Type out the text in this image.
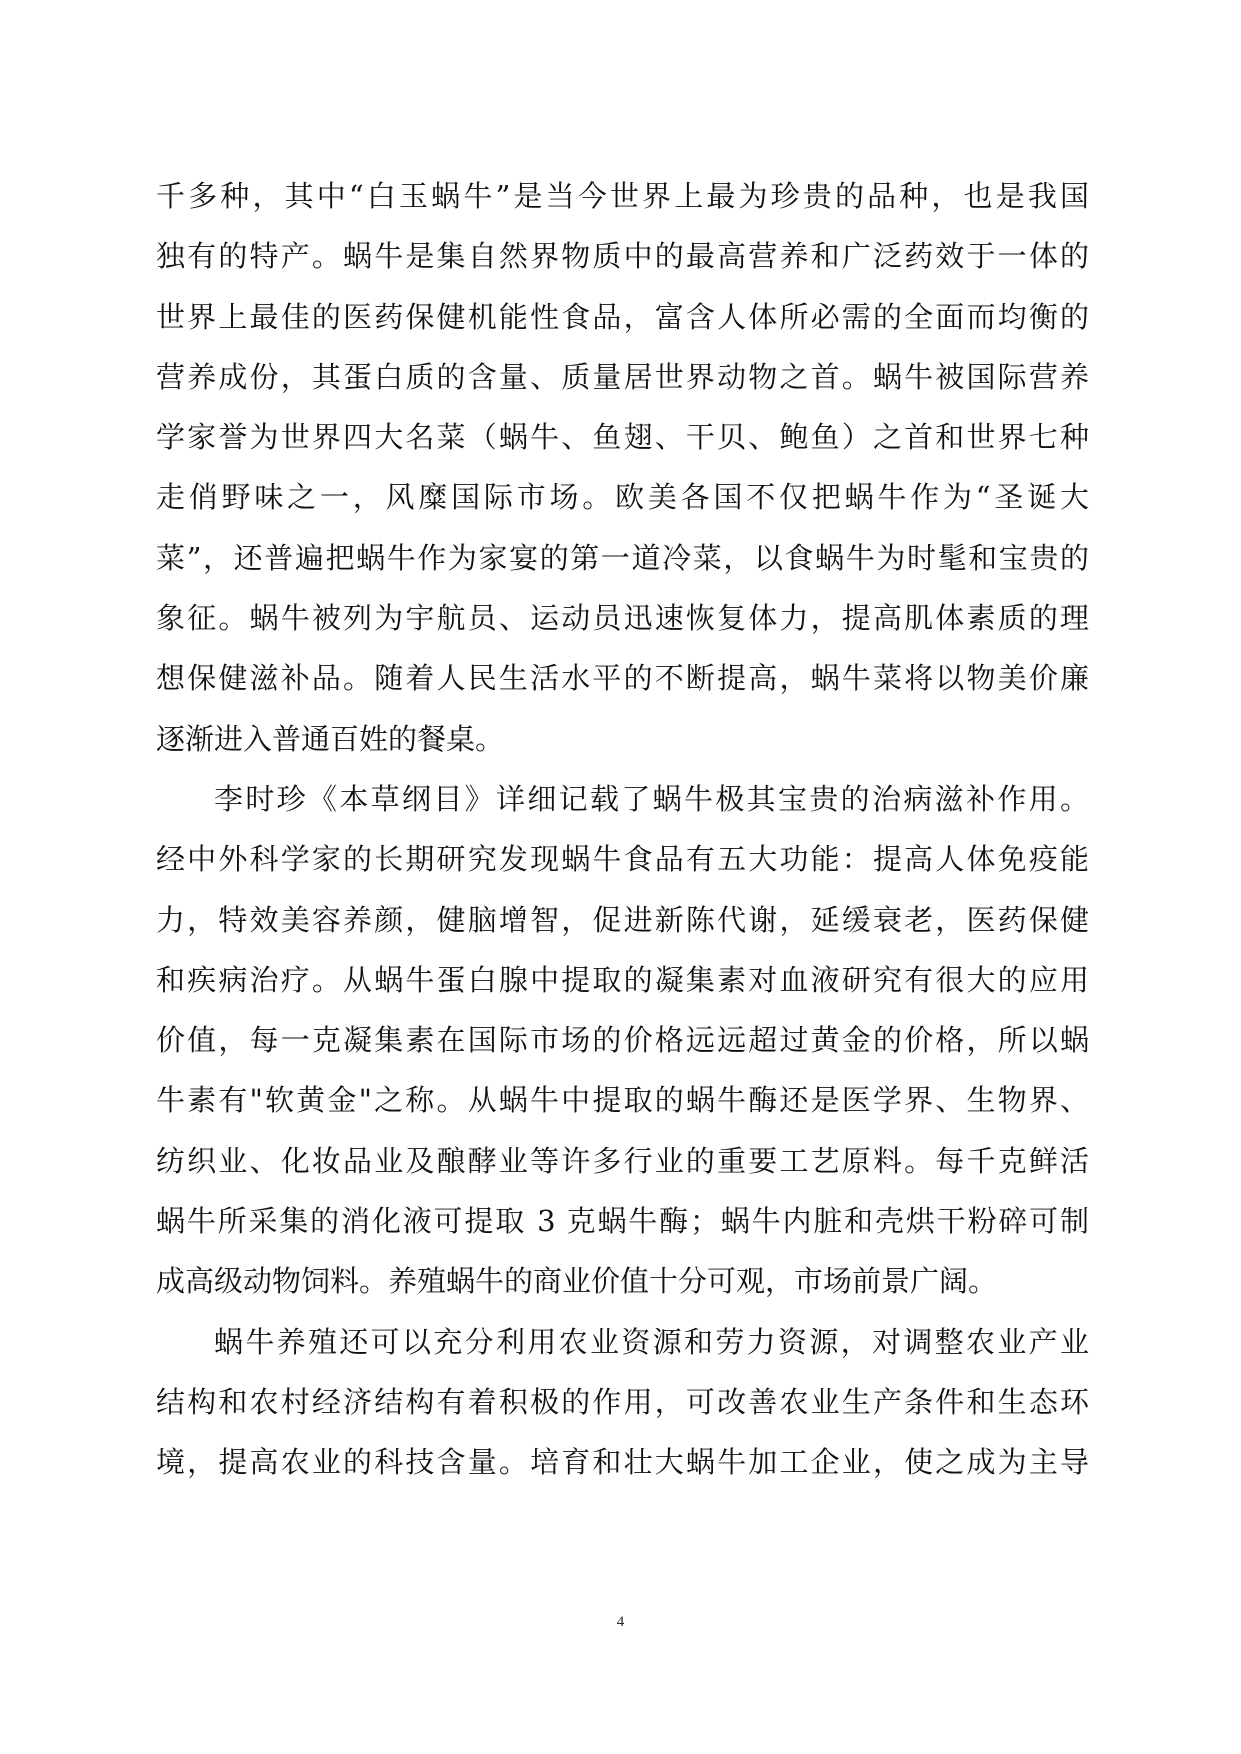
千多种，其中“白玉蜗牛”是当今世界上最为珍贵的品种，也是我国
独有的特产。蜗牛是集自然界物质中的最高营养和广泛药效于一体的
世界上最佳的医药保健机能性食品，富含人体所必需的全面而均衡的
营养成份，其蛋白质的含量、质量居世界动物之首。蜗牛被国际营养
学家誉为世界四大名菜（蜗牛、鱼翅、干贝、鲍鱼）之首和世界七种
走俏野味之一，风糜国际市场。欧美各国不仅把蜗牛作为“圣诞大
菜”，还普遍把蜗牛作为家宴的第一道冷菜，以食蜗牛为时髦和宝贵的
象征。蜗牛被列为宇航员、运动员迅速恢复体力，提高肌体素质的理
想保健滋补品。随着人民生活水平的不断提高，蜗牛菜将以物美价廉
逐渐进入普通百姓的餐桌。
李时珍《本草纲目》详细记载了蜗牛极其宝贵的治病滋补作用。
经中外科学家的长期研究发现蜗牛食品有五大功能：提高人体免疫能
力，特效美容养颜，健脑增智，促进新陈代谢，延缓衰老，医药保健
和疾病治疗。从蜗牛蛋白腺中提取的凝集素对血液研究有很大的应用
价值，每一克凝集素在国际市场的价格远远超过黄金的价格，所以蜗
牛素有"软黄金"之称。从蜗牛中提取的蜗牛酶还是医学界、生物界、
纺织业、化妆品业及酿酵业等许多行业的重要工艺原料。每千克鲜活
蜗牛所采集的消化液可提取 3 克蜗牛酶；蜗牛内脏和壳烘干粉碎可制
成高级动物饲料。养殖蜗牛的商业价值十分可观，市场前景广阔。
蜗牛养殖还可以充分利用农业资源和劳力资源，对调整农业产业
结构和农村经济结构有着积极的作用，可改善农业生产条件和生态环
境，提高农业的科技含量。培育和壮大蜗牛加工企业，使之成为主导
4
